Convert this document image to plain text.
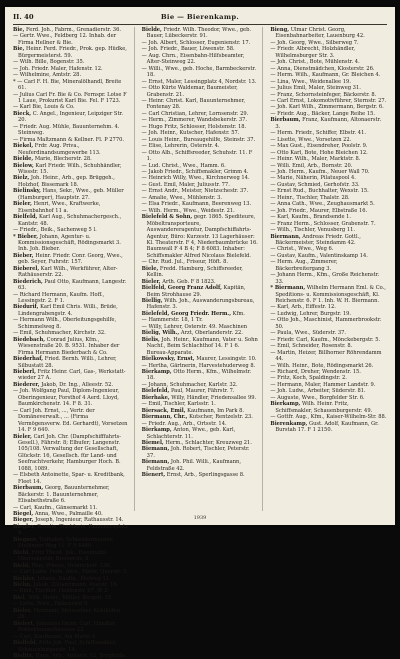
II. 40	Bie — Bierenkamp.

Bie, Ferd. Joh., Fabrm., Grenadierstr. 36.

— Gertr. Wwe., Feldberg 12. Inhab. der Firma Hellner & Bie.

Bie, Heinr. Ferd. Friedr., Prok. gep. Hüdke, Bürgermeisterst. 59.

— Wilh. Bille, Bogenstr. 35.

— Joh. Friedr. Maler, Hafenstr. 12.

— Wilhelmine, Amtstr. 28.

* — Carl F. H. Bie, Mineralölhandl, Breite 61.

— Julius Carl Fr. Bie & Co. Fernspr. Lotse F 1 Laue, Prokurist Karl Bie. Fel. F 1723.

— Karl Bie, Louis & Co.

Bieck, C. Angel., Ingenieur, Leipziger Str. 20.

— Friedr. Aug. Mühle, Bauunternehm. 4. Steinweg.

— Firma Maltzmann & Kellner. Fl. P 2770.

Biekel, Frdr. Aug. Priva., Neuferdinandsumgewerbe 113.

Bielde, Marie, Blecherstr. 28.

Bielow, Karl Friedr. Wilh., Schuhhändler, Wissstr. 15.

Bielz, Joh. Heinr., Arb., gep. Brüggeh., Holzhof, Bissemark 18.

Bielinsky, Hans, Sekr., Wwe., geb. Müller (Hamburger), Hauptstr. 27.

Bieler, Henri, Wwe., Kraftwerke, Eisenbahnhof 11 a.

Bielfeld, Karl Aug., Schuhmachergesch., Kantstr. 48.

— Friedr., Beik., Sachenweg 5 l.

* Bieber, Johann, Agentur- u. Kommissionsgeschäft, Rödingsmarkt 3. Inh. Joh. Bieber.

Bieber, Heinr. Friedr. Conr. Georg, Wwe., geb. Seyer, Fuhrstr. 157.

Bieberel, Karl Wilh., Werkführer, Alter-Rathäuserstr. 22.

Biederich, Paul Otto, Kaufmann, Langestr. 63.

— Richard Hermann, Kaufm. Hoff., Lessingstr. 2. F 1.

Biedurif, Karl Emil Chris. Willi., Brüde, Lindengrabengstr. 4.

— Hermann Wilh., Oberleitungsgehilfe, Schimmelweg 8.

— Emil, Schuhmacher, Kirchstr. 32.

Biedebach, Conrad Julius, Kfm., Wiesenstraße 20. B. 9531. Inhaber der Firma Hermann Biederbach & Co.

Biederhaf, Fried. Bernh. Willi., Lehrer, Silbustatt 28.

Bieberl, Fritz Heinr. Carl, Gas-, Werkstatt- wieder 27 A.

Biederer, Jakob, Dr. Ing., Alleestr. 52.

— Joh. Wolfgang Paul, Diplom-Ingenieur, Oberingenieur, Forsthof 4 Aerd. Lloyd, Baumkirchenstr. 14. F 8. 31.

— Carl Joh. Ernst, ..., Vertr. der Domäneverwalt., ... (Firma Vermögensverw. Ed. Gerhardt), Vorsetzen 14. F 9 640.

Bieler, Carl Joh. Chr. (Dampfschifffahrts-Gesell.), Fährstr. 8; Elbufer; Langenstr. 105/108. Verwaltung der Gesellschaft, Glückstr. 16, Gesellsch. für Land- und Seefrachtverkehr, Hamburger Hoch. B. 1088, 1089.

— Elsbeth Antoinette, Spar- u. Kreditbank, Fleet 14.

Bierbaum, Georg, Bauunternehmer, Bäckerstr. 1. Bauunternehmer, Elisabethstraße 6.

— Carl, Kaufm., Gänsemarkt 11.

Biegel, Anna, Wwe., Palmaille 40.

Bieger, Joseph, Ingenieur, Rathausstr. 14.

Biegler, Rosalie, Tischlerin, Ramenersplatz 4.

Biegner, Teilhaber, Schneidermeister, Stellinger Weg 11. F 9 4469.

Biehl, Fritz Theod. Jak., Eisenbahn-Obersekretär, Bremerstr. 8.

Biehl, Pius, Winzer, Heinrichstr. 136.

— Carl Ludw. Fedn. Alex., Maler, Querstr. 5.

Biehler, Johann, Kaufm., Hofweg 11.

Biehn, Jakob, Zollamtmann, Poststr. 16.

— Emil, Tischler, Heidenstr. 67. W 2.

Biel, Wilh. Heinr., Müller, Bergstr. 15.

— Lotte, Wwe., Falkenried 9.

Bieler, Hermann, Steinsetzer, Kohlhöfen 26.

Bielert, Johannes Heinr. Carl, Händler, Rothenbaumchaussee 22.

— Carl, Kaufmann, Am Markt 4.

Bielfeld, Fritz Joh. Paul, Schiffsmakler, Schauenburgerstr. 14.

Bielitz, Hans, Arb., Amtsstr. 12, Borgfelde.

Bielde, Friedr. Wilh. Theodor, Wwe., geb. Bauer, Lübeckerstr. 91.

— Joh. Albert, Schlosser, Eugenienstr. 17.

— Joh. Friedr., Bauer, Löwenstr. 58.

— Aug. Chrn., Eisenbahn-Hilfsbeamter, Alter-Steinweg 22.

— Willi., Wwe., geb. Hoche, Barmbeckerstr. 18.

— Ernst, Maler, Lessingplatz 4, Nordstr. 13.

— Otto Kürte Waldemar, Baumeister, Grabenstr. 21.

— Heinr. Christ. Karl, Bauunternehmer, Fontenay 28.

— Carl Christian, Lehrer, Lornsenstr. 29.

— Herm., Zimmerer, Wandsbekerstr. 37.

— Hugo Fritz, Schlosser, Holstenstr. 18.

— Joh. Heinr., Kutscher, Hafenstr. 57.

— Louis Heinr., Bureaugehilfe, Steinstr. 37.

— Elise, Lehrerin, Osterstr. 4.

— Otto Alb., Schiffsreeder, Schuhstr. 11. F 1.

— Lud. Christ., Wwe., Hamm. 6.

— Jakob Friedr., Schiffsmakler, Grimm 4.

— Heinrich Willy, Wwe., Kirchnerweg 14.

— Gust. Emil, Maler, Juliusstr. 77.

— Ernst Andr., Meister, Nietzschestr. 37.

— Amalie, Wwe., Mühlenstr. 3.

— Elsa Friedr., Kaufmann, Beerenweg 13.

— Wilh. Herm., Wwe., Weidestr. 21.

Bielefeld & Sohn, gegr. 1865. Spediteure, Möbeltransporteure, Auswandereragentur, Dampfschiffahrts-Agentur, Büro: Kurzestr. 13 Lagerhäuser: Kl. Theaterstr. F 4, Niederbaumbrücke 16. Baumwall F 4 B 4; F 8 6083. Inhaber: Schiffsmakler Alfred Nicolaus Bielefeld.

— Chr. Rud. Jul., Friseur, Höft. 8.

Biele, Fredd. Hamburg, Schiffsreeder, Kellin.

Bieler, Arth. Geb. F 8 1823.

Bielfeld, Georg Franz Adolf, Kapitän, Beim Strohhause 29.

Biellig, Wilh. Joh., Auswanderungsbureau, Hafenstr. 3.

Bielefeld, Georg Friedr. Herm., Kfm.

— Hammerstr. 18, 1 Tr.

— Willy, Lehrer, Osterstr. 49. Maschinen

Bielig, Wilh., Arzt, Oberlanderstr. 22.

Bielis, Joh. Heinr., Kaufmann, Vater u. Sohn Nachf., Beim Schlachthof 14. F 1 6. Bureau-Apparate.

Bielkowsky, Ernst, Maurer, Lessingstr. 10.

— Hertha, Gärtnerin, Harvestehuderweg 8.

Bierkamp, Otto Herm., Kfm., Wilhelmstr. 18.

— Johann, Schuhmacher, Karlstr. 32.

Bielefeld, Paul, Maurer, Fährstr. 7.

Bierhake, Willy, Händler, Friedensallee 99.

— Emil, Tischler, Karlsstr. 1.

Biersack, Emil, Kaufmann, Im Park 8.

Biermann, Chr., Kutscher, Rentzelstr. 23.

— Friedr. Aug., Arb., Ortsstr. 14.

Bierkamp, Anton, Wwe., geb. Karl, Schlachterstr. 11.

Biemel, Herm., Schlachter, Kreuzweg 21.

Biemann, Joh. Robert, Tischler, Peterstr. 37.

Biemann, Joh. Phil. Willi., Kaufmann, Feldstraße 42.

Bienert, Ernst, Arb., Sperlingsgasse 8.

Bieng, Ulmar Christ. Georg, Eisenbahnarbeiter, Lauenburg 42.

— Joh. Georg, Wwe., Silberweg 7.

— Friedr. Albrecht, Holzhändler, Wilhelmsburger Str. 3.

— Joh. Christ., Bote, Mühlenstr. 4.

— Anna, Dienstmädchen, Klosterstr. 26.

— Herm. Wilh., Kaufmann, Gr. Bleichen 4.

— Lina, Wwe., Weidenallee 19.

— Julius Emil, Maler, Steinweg 31.

— Franz, Schornsteinfeger, Bäckerstr. 8.

— Carl Ernst, Lokomotivführer, Sternstr. 27.

— Joh. Karl Wilh., Zimmermann, Bergstr. 6.

— Friedr. Aug., Bäcker, Lange Reihe 15.

Bierbaum, Franz, Kaufmann, Altonaerstr. 3.

— Herm. Friedr., Schiffer, Elbstr. 41.

— Lisette, Wwe., Vorsetzen 22.

— Max Gust., Eisendreher, Poolstr. 9.

— Otto Karl, Bote, Hohe Bleichen 12.

— Heinr. Wilh., Maler, Marktstr. 8.

— Willi. Emil, Arb., Bornstr. 20.

— Joh. Herm., Kaufm., Neuer Wall 70.

— Marie, Näherin, Pilatuspool 4.

— Gustav, Schmied, Gerhofstr. 33.

— Ernst Rud., Buchhalter, Wexstr. 15.

— Heinr., Tischler, Thalstr. 28.

— Anna Cath., Wwe., Zeughausmarkt 5.

— Joh. Friedr., Maurer, Elbstraße 16.

— Karl, Kaufm., Brandsende 1.

— Franz Herm., Schlosser, Grabenstr. 7.

— Wilh., Tischler, Venusberg 11.

Biermann, Andreas Friedr. Gottl., Bäckermeister, Steindamm 42.

— Christ., Wwe., Weg 6.

— Gustav, Kaufm., Valentinskamp 14.

— Herm. Aug., Zimmerer, Bäckerbreitergang 3.

— Johann Herm., Kfm., Große Reichenstr. 33.

* Biermann, Wilhelm Hermann Eml. & Co., Speditions- u. Kommissionsgeschäft, Kl. Reichenstr. 6. F 1. Inh. W. H. Biermann.

— Karl, Arb., Eiffestr. 12.

— Ludwig, Lehrer, Burgstr. 19.

— Otto Joh., Maschinist, Hammerbrookstr. 50.

— Paula, Wwe., Süderstr. 37.

— Friedr. Carl, Kaufm., Mönckebergstr. 5.

— Emil, Schneider, Rosenstr. 8.

— Martin, Heizer, Billhorner Röhrendamm 44.

— Wilh. Heinr., Bote, Rödingsmarkt 26.

— Richard, Dreher, Wendenstr. 15.

— Fritz, Koch, Spaldingstr. 2.

— Hermann, Maler, Hammer Landstr. 9.

— Joh. Ludw., Arbeiter, Süderstr. 81.

— Auguste, Wwe., Borgfelder Str. 6.

Bierkamp, Wilh. Heinr. Fritz, Schiffsmakler, Schauenburgerstr. 49.

— Gottfr. Aug., Kfm., Kaiser-Wilhelm-Str. 88.

Bierenkamp, Gust. Adolf, Kaufmann, Gr. Burstah 17. F 1 2150.

1939
